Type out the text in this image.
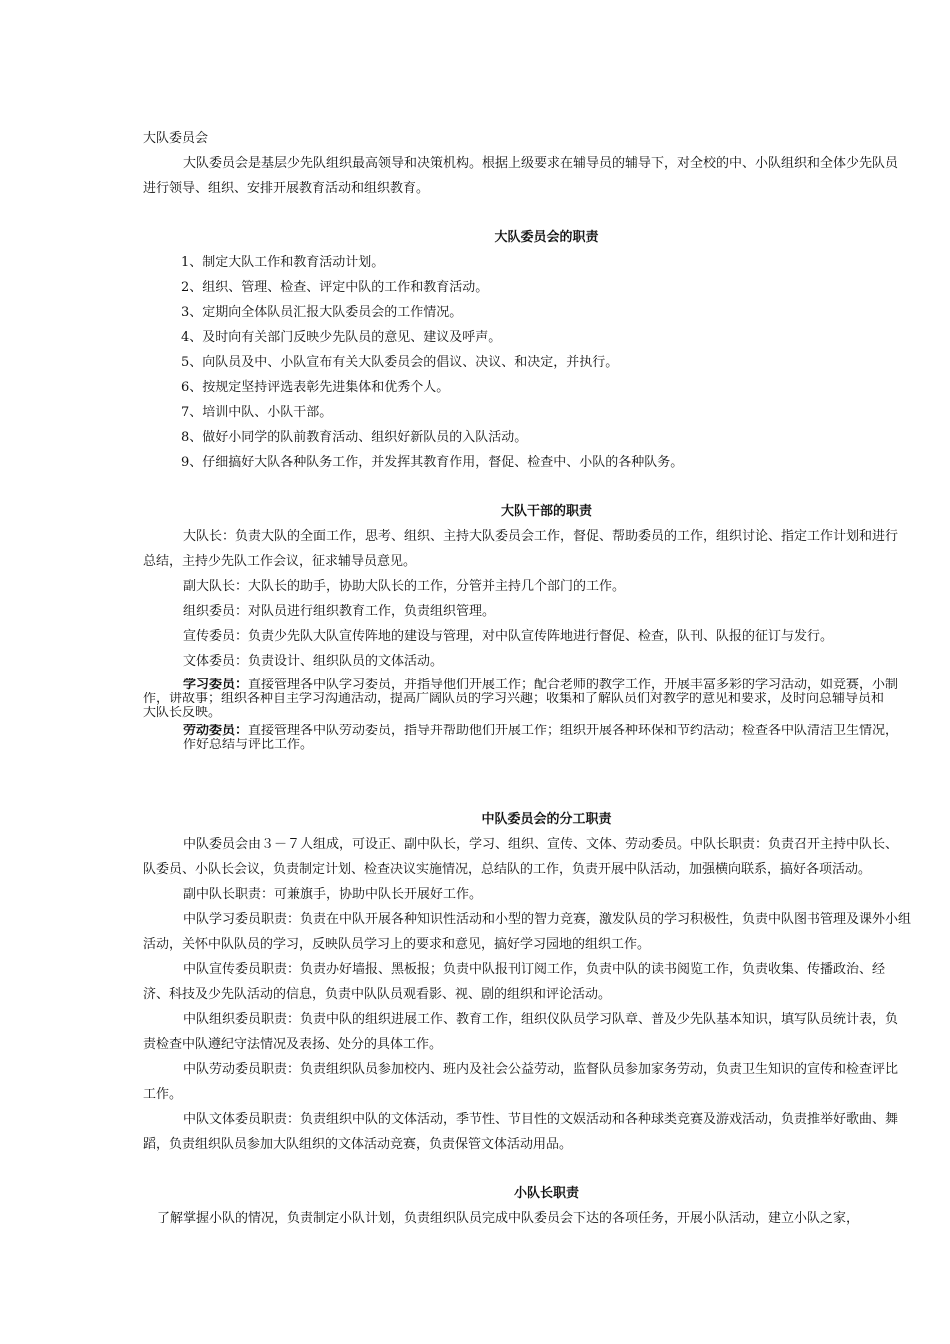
大队委员会
大队委员会是基层少先队组织最高领导和决策机构。根据上级要求在辅导员的辅导下，对全校的中、小队组织和全体少先队员
进行领导、组织、安排开展教育活动和组织教育。
大队委员会的职责
1、制定大队工作和教育活动计划。
2、组织、管理、检查、评定中队的工作和教育活动。
3、定期向全体队员汇报大队委员会的工作情况。
4、及时向有关部门反映少先队员的意见、建议及呼声。
5、向队员及中、小队宣布有关大队委员会的倡议、决议、和决定，并执行。
6、按规定坚持评选表彰先进集体和优秀个人。
7、培训中队、小队干部。
8、做好小同学的队前教育活动、组织好新队员的入队活动。
9、仔细搞好大队各种队务工作，并发挥其教育作用，督促、检查中、小队的各种队务。
大队干部的职责
大队长：负责大队的全面工作，思考、组织、主持大队委员会工作，督促、帮助委员的工作，组织讨论、指定工作计划和进行
总结，主持少先队工作会议，征求辅导员意见。
副大队长：大队长的助手，协助大队长的工作，分管并主持几个部门的工作。
组织委员：对队员进行组织教育工作，负责组织管理。
宣传委员：负责少先队大队宣传阵地的建设与管理，对中队宣传阵地进行督促、检查，队刊、队报的征订与发行。
文体委员：负责设计、组织队员的文体活动。
学习委员：直接管理各中队学习委员，并指导他们开展工作；配合老师的教学工作，开展丰富多彩的学习活动，如竞赛，小制
作，讲故事；组织各种自主学习沟通活动，提高广阔队员的学习兴趣；收集和了解队员们对教学的意见和要求，及时向总辅导员和
大队长反映。
劳动委员：直接管理各中队劳动委员，指导并帮助他们开展工作；组织开展各种环保和节约活动；检查各中队清洁卫生情况，
作好总结与评比工作。
中队委员会的分工职责
中队委员会由３－７人组成，可设正、副中队长，学习、组织、宣传、文体、劳动委员。中队长职责：负责召开主持中队长、
队委员、小队长会议，负责制定计划、检查决议实施情况，总结队的工作，负责开展中队活动，加强横向联系，搞好各项活动。
副中队长职责：可兼旗手，协助中队长开展好工作。
中队学习委员职责：负责在中队开展各种知识性活动和小型的智力竞赛，激发队员的学习积极性，负责中队图书管理及课外小组
活动，关怀中队队员的学习，反映队员学习上的要求和意见，搞好学习园地的组织工作。
中队宣传委员职责：负责办好墙报、黑板报；负责中队报刊订阅工作，负责中队的读书阅览工作，负责收集、传播政治、经
济、科技及少先队活动的信息，负责中队队员观看影、视、剧的组织和评论活动。
中队组织委员职责：负责中队的组织进展工作、教育工作，组织仪队员学习队章、普及少先队基本知识，填写队员统计表，负
责检查中队遵纪守法情况及表扬、处分的具体工作。
中队劳动委员职责：负责组织队员参加校内、班内及社会公益劳动，监督队员参加家务劳动，负责卫生知识的宣传和检查评比
工作。
中队文体委员职责：负责组织中队的文体活动，季节性、节目性的文娱活动和各种球类竞赛及游戏活动，负责推举好歌曲、舞
蹈，负责组织队员参加大队组织的文体活动竞赛，负责保管文体活动用品。
小队长职责
了解掌握小队的情况，负责制定小队计划，负责组织队员完成中队委员会下达的各项任务，开展小队活动，建立小队之家，
